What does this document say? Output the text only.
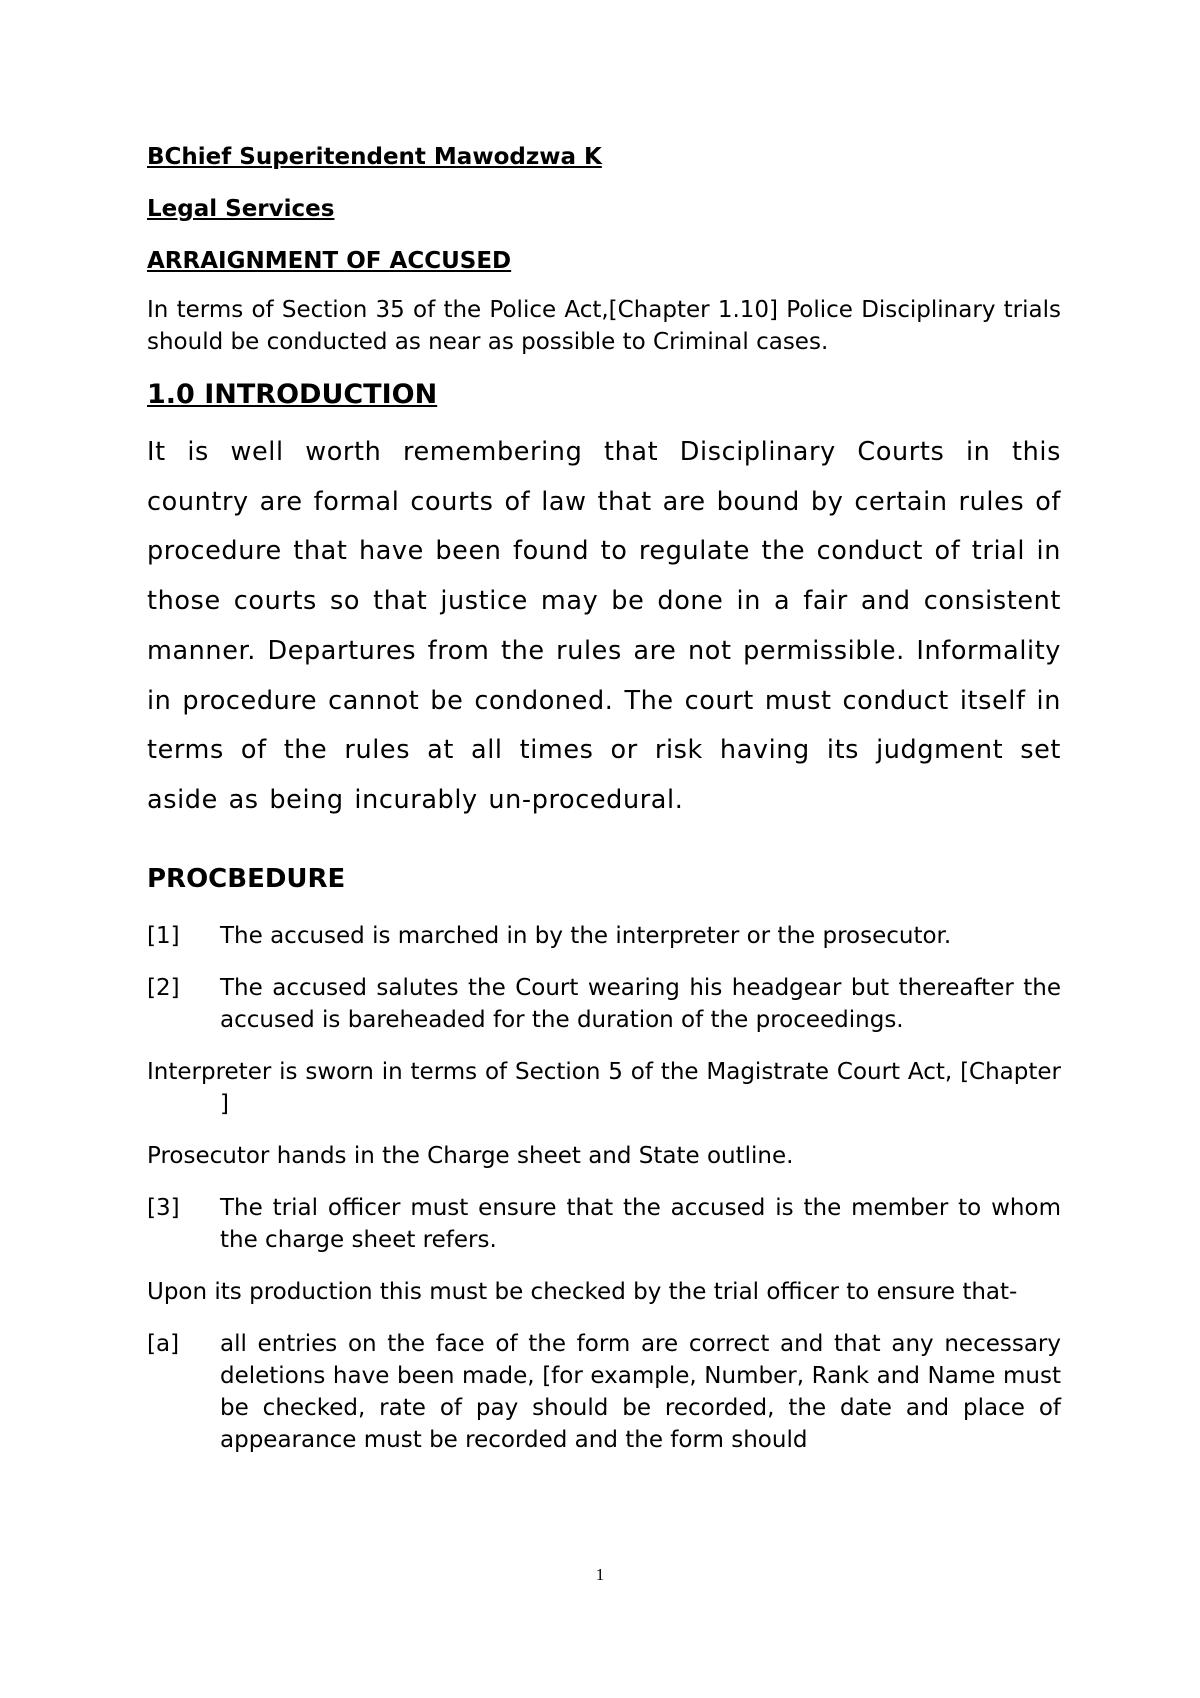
BChief Superitendent Mawodzwa K
Legal Services
ARRAIGNMENT OF ACCUSED

In terms of Section 35 of the Police Act,[Chapter 1.10] Police Disciplinary trials should be conducted as near as possible to Criminal cases.

1.0 INTRODUCTION

It is well worth remembering that Disciplinary Courts in this country are formal courts of law that are bound by certain rules of procedure that have been found to regulate the conduct of trial in those courts so that justice may be done in a fair and consistent manner. Departures from the rules are not permissible. Informality in procedure cannot be condoned. The court must conduct itself in terms of the rules at all times or risk having its judgment set aside as being incurably un-procedural.

PROCBEDURE
[1]	The accused is marched in by the interpreter or the prosecutor.
[2]	The accused salutes the Court wearing his headgear but thereafter the accused is bareheaded for the duration of the proceedings.

Interpreter is sworn in terms of Section 5 of the Magistrate Court Act, [Chapter ]

Prosecutor hands in the Charge sheet and State outline.

[3]	The trial officer must ensure that the accused is the member to whom the charge sheet refers.

Upon its production this must be checked by the trial officer to ensure that-

[a]	all entries on the face of the form are correct and that any necessary deletions have been made, [for example, Number, Rank and Name must be checked, rate of pay should be recorded, the date and place of appearance must be recorded and the form should
1
